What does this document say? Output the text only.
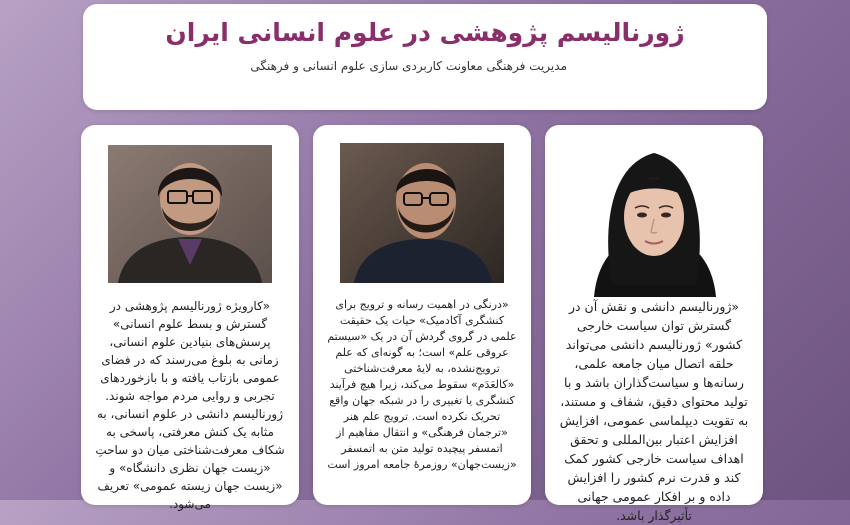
ژورنالیسم پژوهشی در علوم انسانی ایران
مدیریت فرهنگی معاونت کاربردی سازی علوم انسانی و فرهنگی
«ژورنالیسم دانشی و نقش آن در گسترش توان سیاست خارجی کشور» ژورنالیسم دانشی می‌تواند حلقه اتصال میان جامعه علمی، رسانه‌ها و سیاست‌گذاران باشد و با تولید محتوای دقیق، شفاف و مستند، به تقویت دیپلماسی عمومی، افزایش افزایش اعتبار بین‌المللی و تحقق اهداف سیاست خارجی کشور کمک کند و قدرت نرم کشور را افزایش داده و بر افکار عمومی جهانی تأثیرگذار باشد.
«درنگی در اهمیت رسانه و ترویج برای کنشگری آکادمیک» حیات یک حقیقت علمی در گروی گردش آن در یک «سیستم عروقی علم» است؛ به گونه‌ای که علم ترویج‌نشده، به لایۀ معرفت‌شناختی «کالعَدَم» سقوط می‌کند، زیرا هیچ فرآیند کنشگری یا تغییری را در شبکه جهان واقع تحریک نکرده است. ترویج علم هنر «ترجمان فرهنگی» و انتقال مفاهیم از اتمسفر پیچیده تولید متن به اتمسفر «زیست‌جهان» روزمرۀ جامعه امروز است
«کارویژه ژورنالیسم پژوهشی در گسترش و بسط علوم انسانی» پرسش‌های بنیادین علوم انسانی، زمانی به بلوغ می‌رسند که در فضای عمومی بازتاب یافته و با بازخوردهای تجربی و روایی مردم مواجه شوند. ژورنالیسم دانشی در علوم انسانی، به مثابه یک کنش معرفتی، پاسخی به شکاف معرفت‌شناختی میان دو ساحتِ «زیست جهان نظری دانشگاه» و «زیست جهان زیسته عمومی» تعریف می‌شود.
